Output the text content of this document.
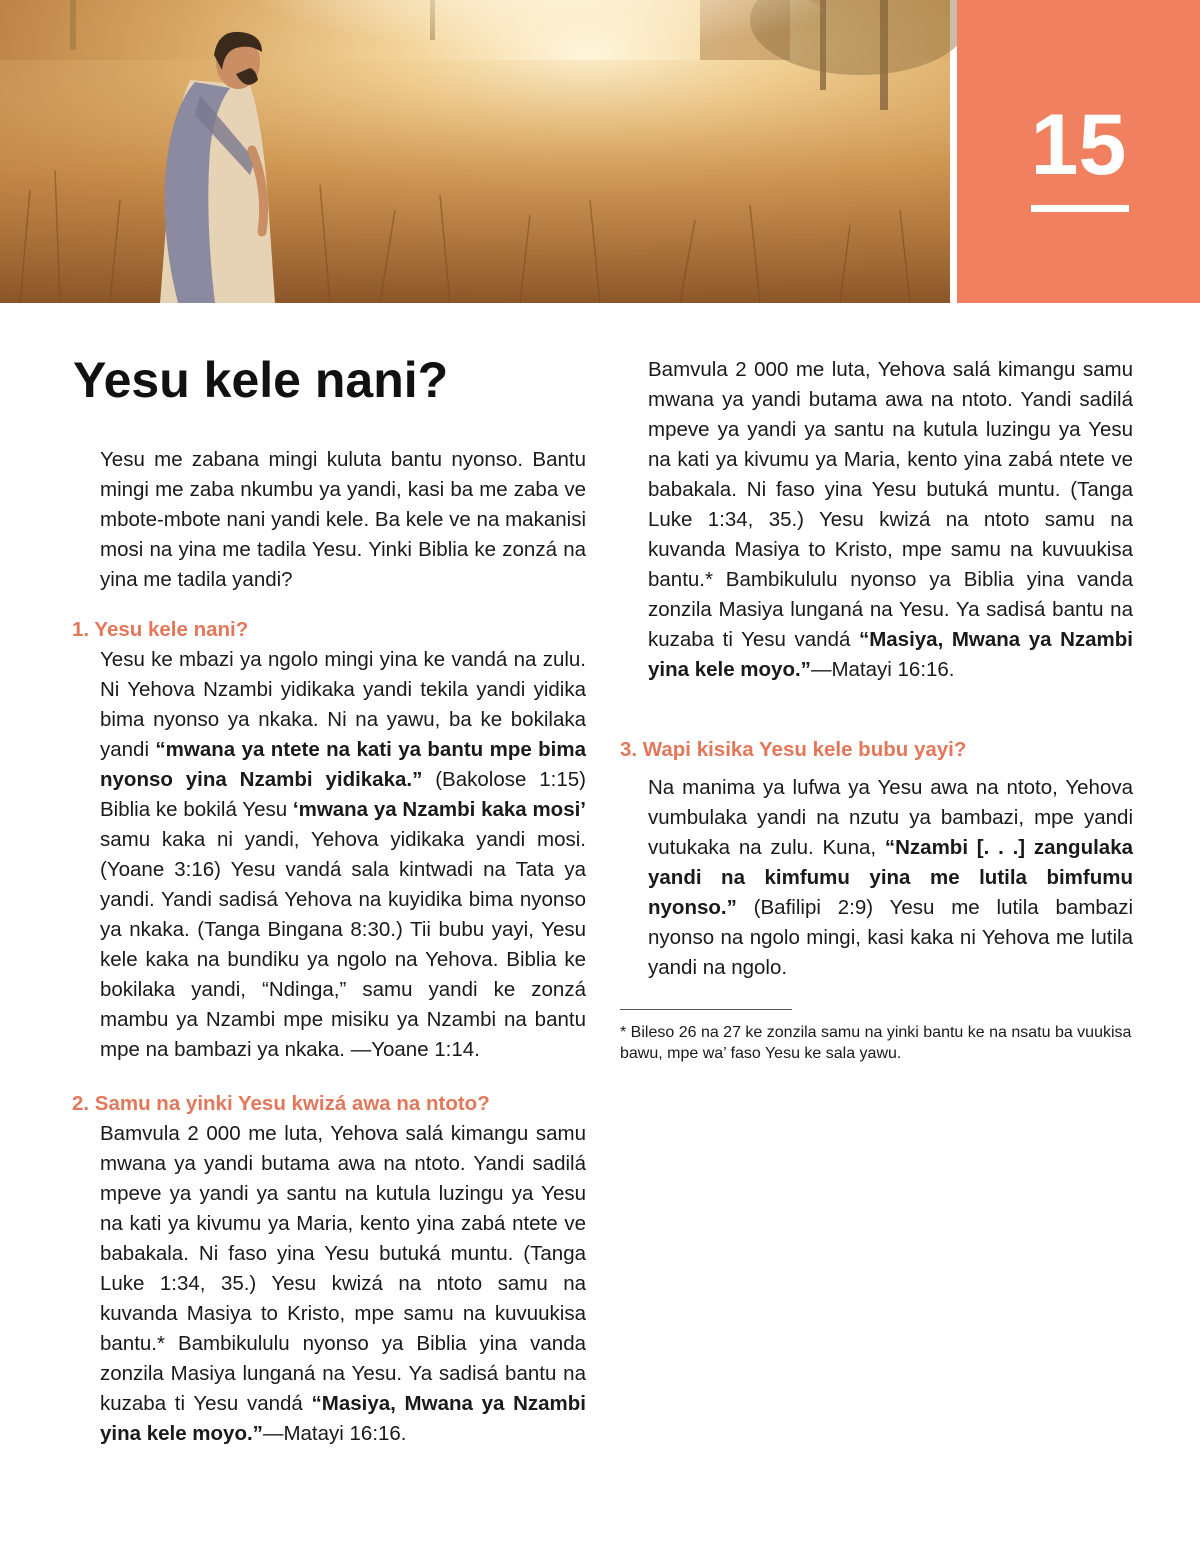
15
Yesu kele nani?

Yesu me zabana mingi kuluta bantu nyonso. Bantu mingi me zaba nkumbu ya yandi, kasi ba me zaba ve mbote-mbote nani yandi kele. Ba kele ve na makanisi mosi na yina me tadila Yesu. Yinki Biblia ke zonzá na yina me tadila yandi?

1. Yesu kele nani?

Yesu ke mbazi ya ngolo mingi yina ke vandá na zulu. Ni Yehova Nzambi yidikaka yandi tekila yandi yidika bima nyonso ya nkaka. Ni na yawu, ba ke bokilaka yandi “mwana ya ntete na kati ya bantu mpe bima nyonso yina Nzambi yidikaka.” (Bakolose 1:15) Biblia ke bokilá Yesu ‘mwana ya Nzambi kaka mosi’ samu kaka ni yandi, Yehova yidikaka yandi mosi. (Yoane 3:16) Yesu vandá sala kintwadi na Tata ya yandi. Yandi sadisá Yehova na kuyidika bima nyonso ya nkaka. (Tanga Bingana 8:30.) Tii bubu yayi, Yesu kele kaka na bundiku ya ngolo na Yehova. Biblia ke bokilaka yandi, “Ndinga,” samu yandi ke zonzá mambu ya Nzambi mpe misiku ya Nzambi na bantu mpe na bambazi ya nkaka. —Yoane 1:14.

2. Samu na yinki Yesu kwizá awa na ntoto?

Bamvula 2 000 me luta, Yehova salá kimangu samu mwana ya yandi butama awa na ntoto. Yandi sadilá mpeve ya yandi ya santu na kutula luzingu ya Yesu na kati ya kivumu ya Maria, kento yina zabá ntete ve babakala. Ni faso yina Yesu butuká muntu. (Tanga Luke 1:34, 35.) Yesu kwizá na ntoto samu na kuvanda Masiya to Kristo, mpe samu na kuvuukisa bantu.* Bambikululu nyonso ya Biblia yina vanda zonzila Masiya lunganá na Yesu. Ya sadisá bantu na kuzaba ti Yesu vandá “Masiya, Mwana ya Nzambi yina kele moyo.”—Matayi 16:16.

Bamvula 2 000 me luta, Yehova salá kimangu samu mwana ya yandi butama awa na ntoto. Yandi sadilá mpeve ya yandi ya santu na kutula luzingu ya Yesu na kati ya kivumu ya Maria, kento yina zabá ntete ve babakala. Ni faso yina Yesu butuká muntu. (Tanga Luke 1:34, 35.) Yesu kwizá na ntoto samu na kuvanda Masiya to Kristo, mpe samu na kuvuukisa bantu.* Bambikululu nyonso ya Biblia yina vanda zonzila Masiya lunganá na Yesu. Ya sadisá bantu na kuzaba ti Yesu vandá “Masiya, Mwana ya Nzambi yina kele moyo.”—Matayi 16:16.

3. Wapi kisika Yesu kele bubu yayi?

Na manima ya lufwa ya Yesu awa na ntoto, Yehova vumbulaka yandi na nzutu ya bambazi, mpe yandi vutukaka na zulu. Kuna, “Nzambi [. . .] zangulaka yandi na kimfumu yina me lutila bimfumu nyonso.” (Bafilipi 2:9) Yesu me lutila bambazi nyonso na ngolo mingi, kasi kaka ni Yehova me lutila yandi na ngolo.

* Bileso 26 na 27 ke zonzila samu na yinki bantu ke na nsatu ba vuukisa bawu, mpe wa’ faso Yesu ke sala yawu.
